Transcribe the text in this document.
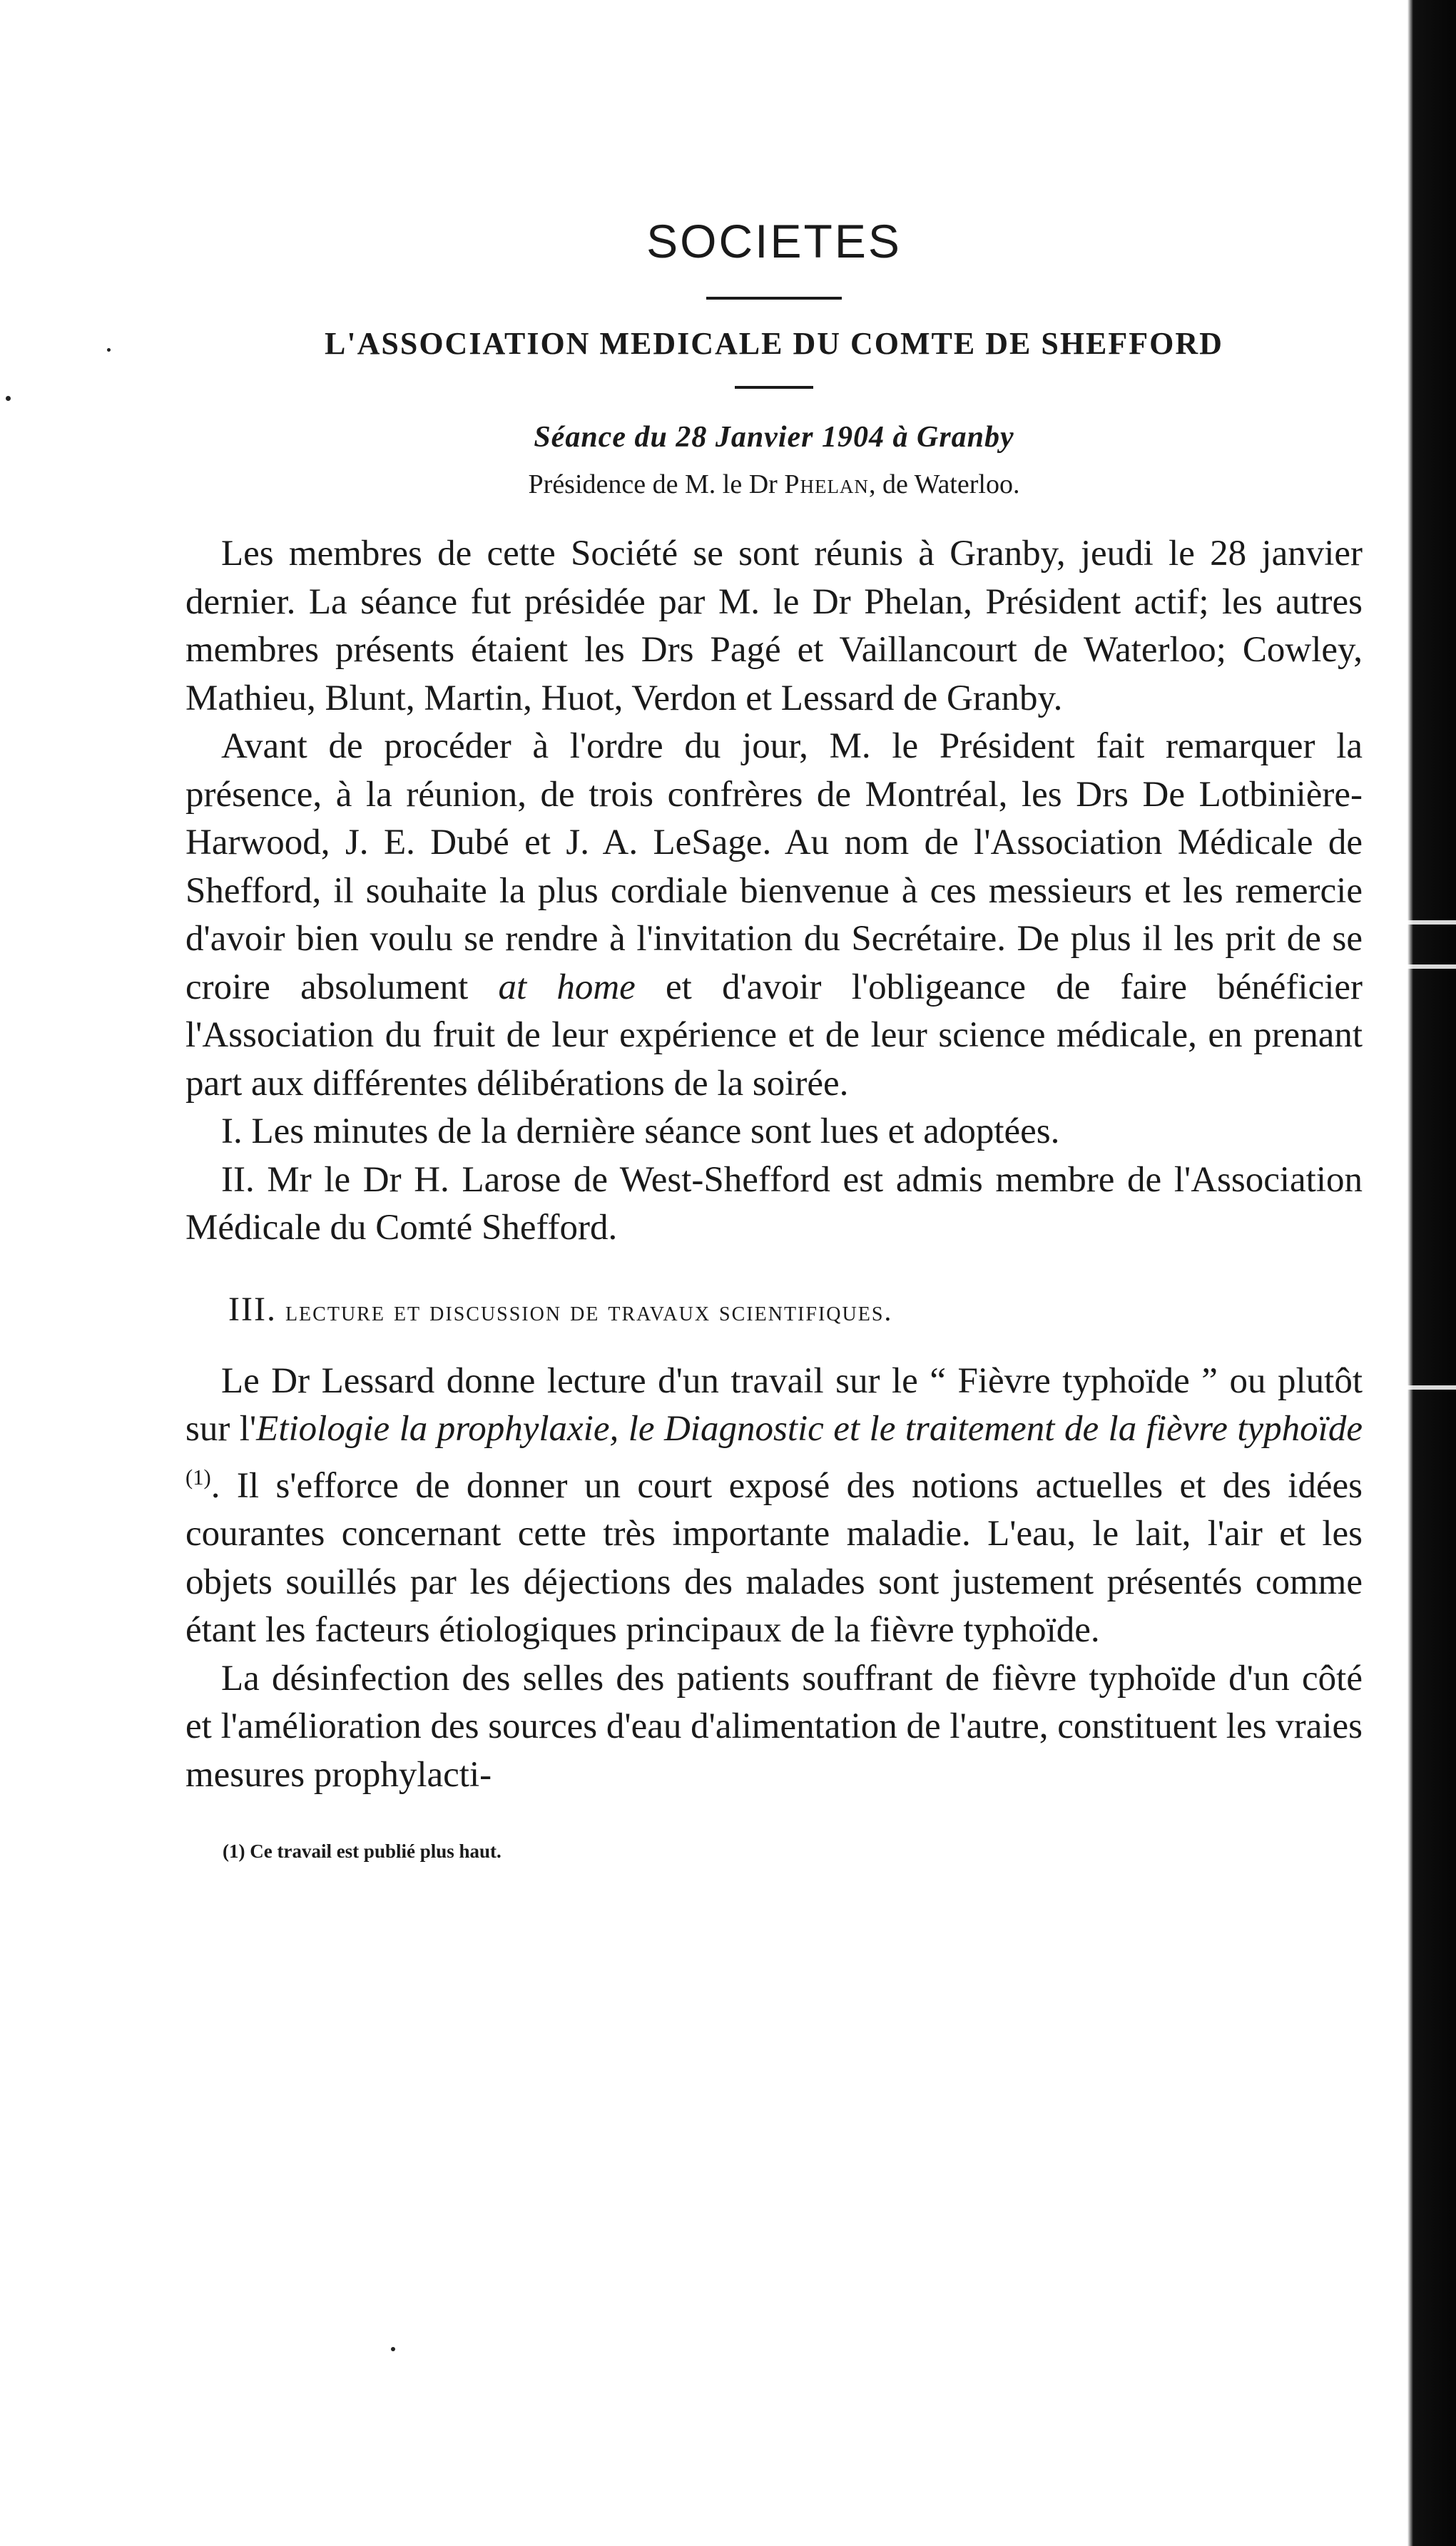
SOCIETES
L'ASSOCIATION MEDICALE DU COMTE DE SHEFFORD
Séance du 28 Janvier 1904 à Granby
Présidence de M. le Dr Phelan, de Waterloo.

Les membres de cette Société se sont réunis à Granby, jeudi le 28 janvier dernier. La séance fut présidée par M. le Dr Phelan, Président actif; les autres membres présents étaient les Drs Pagé et Vaillancourt de Waterloo; Cowley, Mathieu, Blunt, Martin, Huot, Verdon et Lessard de Granby.

Avant de procéder à l'ordre du jour, M. le Président fait remarquer la présence, à la réunion, de trois confrères de Montréal, les Drs De Lotbinière-Harwood, J. E. Dubé et J. A. LeSage. Au nom de l'Association Médicale de Shefford, il souhaite la plus cordiale bienvenue à ces messieurs et les remercie d'avoir bien voulu se rendre à l'invitation du Secrétaire. De plus il les prit de se croire absolument at home et d'avoir l'obligeance de faire bénéficier l'Association du fruit de leur expérience et de leur science médicale, en prenant part aux différentes délibérations de la soirée.

I. Les minutes de la dernière séance sont lues et adoptées.

II. Mr le Dr H. Larose de West-Shefford est admis membre de l'Association Médicale du Comté Shefford.

III. lecture et discussion de travaux scientifiques.

Le Dr Lessard donne lecture d'un travail sur le “ Fièvre typhoïde ” ou plutôt sur l'Etiologie la prophylaxie, le Diagnostic et le traitement de la fièvre typhoïde $^{(1)}$. Il s'efforce de donner un court exposé des notions actuelles et des idées courantes concernant cette très importante maladie. L'eau, le lait, l'air et les objets souillés par les déjections des malades sont justement présentés comme étant les facteurs étiologiques principaux de la fièvre typhoïde.

La désinfection des selles des patients souffrant de fièvre typhoïde d'un côté et l'amélioration des sources d'eau d'alimentation de l'autre, constituent les vraies mesures prophylacti-

(1) Ce travail est publié plus haut.
